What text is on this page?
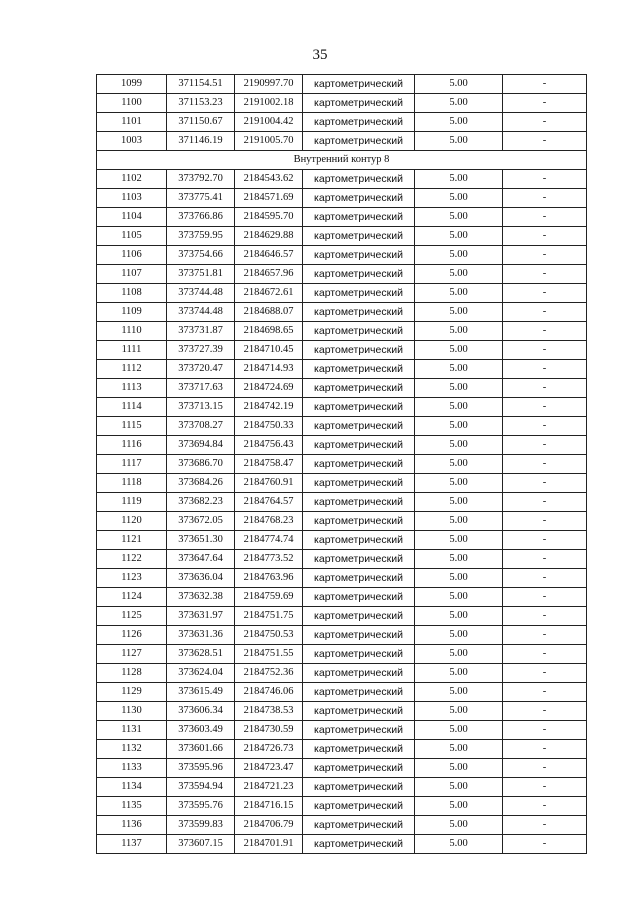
35
1099	371154.51	2190997.70	картометрический	5.00	-
1100	371153.23	2191002.18	картометрический	5.00	-
1101	371150.67	2191004.42	картометрический	5.00	-
1003	371146.19	2191005.70	картометрический	5.00	-
Внутренний контур 8					
1102	373792.70	2184543.62	картометрический	5.00	-
1103	373775.41	2184571.69	картометрический	5.00	-
1104	373766.86	2184595.70	картометрический	5.00	-
1105	373759.95	2184629.88	картометрический	5.00	-
1106	373754.66	2184646.57	картометрический	5.00	-
1107	373751.81	2184657.96	картометрический	5.00	-
1108	373744.48	2184672.61	картометрический	5.00	-
1109	373744.48	2184688.07	картометрический	5.00	-
1110	373731.87	2184698.65	картометрический	5.00	-
1111	373727.39	2184710.45	картометрический	5.00	-
1112	373720.47	2184714.93	картометрический	5.00	-
1113	373717.63	2184724.69	картометрический	5.00	-
1114	373713.15	2184742.19	картометрический	5.00	-
1115	373708.27	2184750.33	картометрический	5.00	-
1116	373694.84	2184756.43	картометрический	5.00	-
1117	373686.70	2184758.47	картометрический	5.00	-
1118	373684.26	2184760.91	картометрический	5.00	-
1119	373682.23	2184764.57	картометрический	5.00	-
1120	373672.05	2184768.23	картометрический	5.00	-
1121	373651.30	2184774.74	картометрический	5.00	-
1122	373647.64	2184773.52	картометрический	5.00	-
1123	373636.04	2184763.96	картометрический	5.00	-
1124	373632.38	2184759.69	картометрический	5.00	-
1125	373631.97	2184751.75	картометрический	5.00	-
1126	373631.36	2184750.53	картометрический	5.00	-
1127	373628.51	2184751.55	картометрический	5.00	-
1128	373624.04	2184752.36	картометрический	5.00	-
1129	373615.49	2184746.06	картометрический	5.00	-
1130	373606.34	2184738.53	картометрический	5.00	-
1131	373603.49	2184730.59	картометрический	5.00	-
1132	373601.66	2184726.73	картометрический	5.00	-
1133	373595.96	2184723.47	картометрический	5.00	-
1134	373594.94	2184721.23	картометрический	5.00	-
1135	373595.76	2184716.15	картометрический	5.00	-
1136	373599.83	2184706.79	картометрический	5.00	-
1137	373607.15	2184701.91	картометрический	5.00	-
